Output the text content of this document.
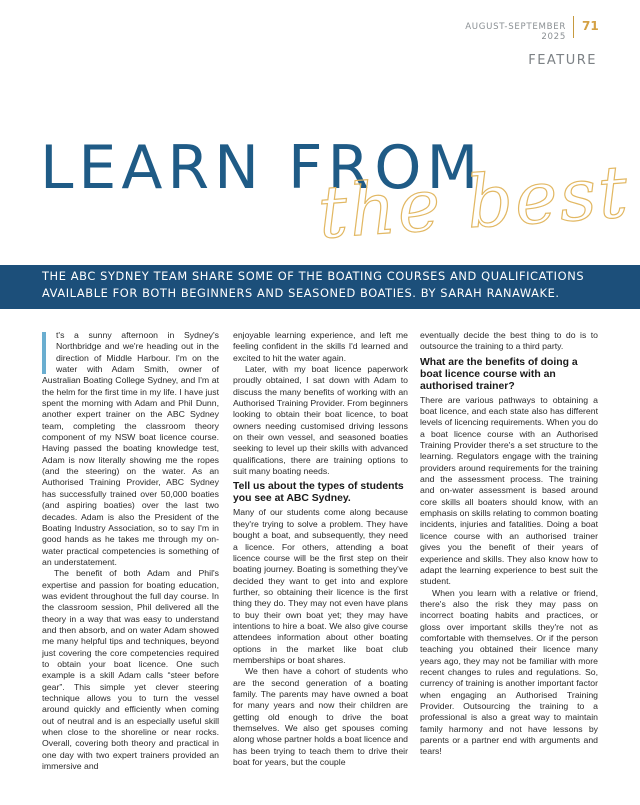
AUGUST-SEPTEMBER 2025
71
FEATURE
LEARN FROM
the best
THE ABC SYDNEY TEAM SHARE SOME OF THE BOATING COURSES AND QUALIFICATIONS AVAILABLE FOR BOTH BEGINNERS AND SEASONED BOATIES. BY SARAH RANAWAKE.

t's a sunny afternoon in Sydney's Northbridge and we're heading out in the direction of Middle Harbour. I'm on the water with Adam Smith, owner of Australian Boating College Sydney, and I'm at the helm for the first time in my life. I have just spent the morning with Adam and Phil Dunn, another expert trainer on the ABC Sydney team, completing the classroom theory component of my NSW boat licence course. Having passed the boating knowledge test, Adam is now literally showing me the ropes (and the steering) on the water. As an Authorised Training Provider, ABC Sydney has successfully trained over 50,000 boaties (and aspiring boaties) over the last two decades. Adam is also the President of the Boating Industry Association, so to say I'm in good hands as he takes me through my on-water practical competencies is something of an understatement.

The benefit of both Adam and Phil's expertise and passion for boating education, was evident throughout the full day course. In the classroom session, Phil delivered all the theory in a way that was easy to understand and then absorb, and on water Adam showed me many helpful tips and techniques, beyond just covering the core competencies required to obtain your boat licence. One such example is a skill Adam calls “steer before gear”. This simple yet clever steering technique allows you to turn the vessel around quickly and efficiently when coming out of neutral and is an especially useful skill when close to the shoreline or near rocks. Overall, covering both theory and practical in one day with two expert trainers provided an immersive and

enjoyable learning experience, and left me feeling confident in the skills I'd learned and excited to hit the water again.

Later, with my boat licence paperwork proudly obtained, I sat down with Adam to discuss the many benefits of working with an Authorised Training Provider. From beginners looking to obtain their boat licence, to boat owners needing customised driving lessons on their own vessel, and seasoned boaties seeking to level up their skills with advanced qualifications, there are training options to suit many boating needs.

Tell us about the types of students you see at ABC Sydney.

Many of our students come along because they're trying to solve a problem. They have bought a boat, and subsequently, they need a licence. For others, attending a boat licence course will be the first step on their boating journey. Boating is something they've decided they want to get into and explore further, so obtaining their licence is the first thing they do. They may not even have plans to buy their own boat yet; they may have intentions to hire a boat. We also give course attendees information about other boating options in the market like boat club memberships or boat shares.

We then have a cohort of students who are the second generation of a boating family. The parents may have owned a boat for many years and now their children are getting old enough to drive the boat themselves. We also get spouses coming along whose partner holds a boat licence and has been trying to teach them to drive their boat for years, but the couple

eventually decide the best thing to do is to outsource the training to a third party.

What are the benefits of doing a boat licence course with an authorised trainer?

There are various pathways to obtaining a boat licence, and each state also has different levels of licencing requirements. When you do a boat licence course with an Authorised Training Provider there's a set structure to the learning. Regulators engage with the training providers around requirements for the training and the assessment process. The training and on-water assessment is based around core skills all boaters should know, with an emphasis on skills relating to common boating incidents, injuries and fatalities. Doing a boat licence course with an authorised trainer gives you the benefit of their years of experience and skills. They also know how to adapt the learning experience to best suit the student.

When you learn with a relative or friend, there's also the risk they may pass on incorrect boating habits and practices, or gloss over important skills they're not as comfortable with themselves. Or if the person teaching you obtained their licence many years ago, they may not be familiar with more recent changes to rules and regulations. So, currency of training is another important factor when engaging an Authorised Training Provider. Outsourcing the training to a professional is also a great way to maintain family harmony and not have lessons by parents or a partner end with arguments and tears!
